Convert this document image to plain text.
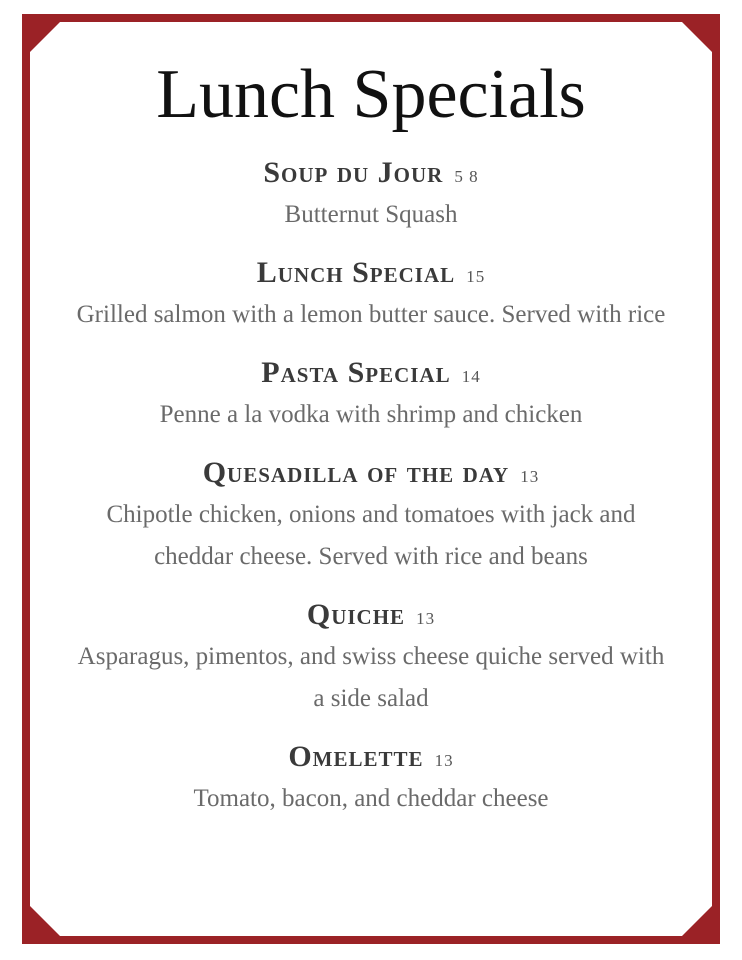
Lunch Specials
Soup du Jour 5 8
Butternut Squash
Lunch Special 15
Grilled salmon with a lemon butter sauce. Served with rice
Pasta Special 14
Penne a la vodka with shrimp and chicken
Quesadilla of the day 13
Chipotle chicken, onions and tomatoes with jack and cheddar cheese. Served with rice and beans
Quiche 13
Asparagus, pimentos, and swiss cheese quiche served with a side salad
Omelette 13
Tomato, bacon, and cheddar cheese
